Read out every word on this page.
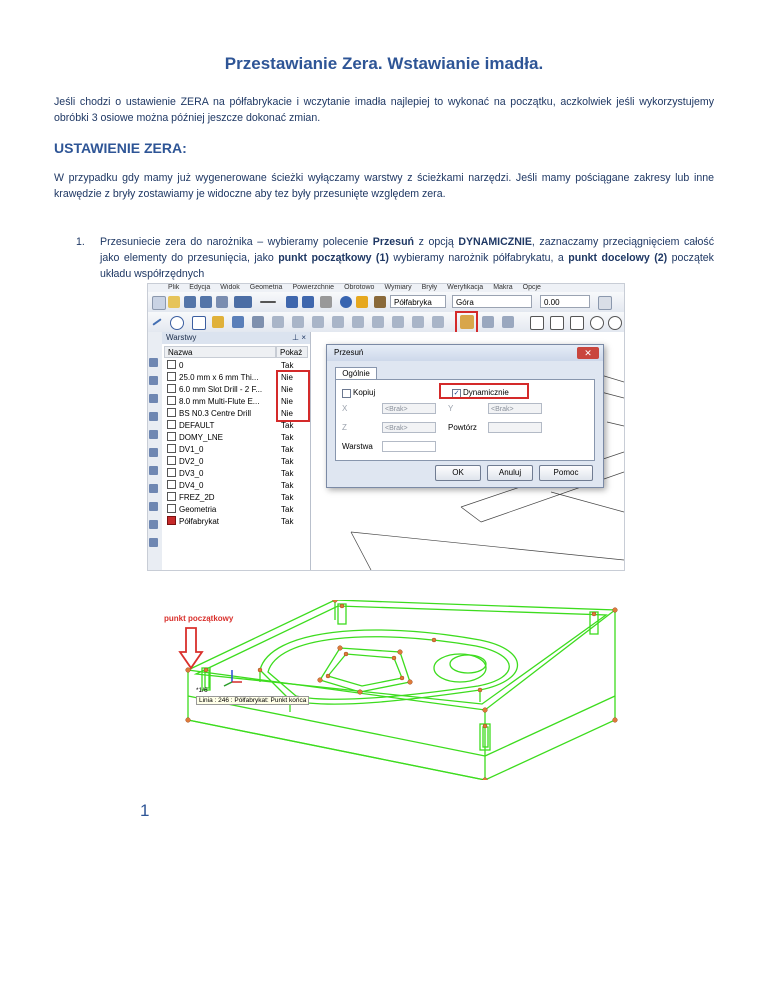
Przestawianie Zera. Wstawianie imadła.
Jeśli chodzi o ustawienie ZERA na półfabrykacie i wczytanie imadła najlepiej to wykonać na początku, aczkolwiek jeśli wykorzystujemy obróbki 3 osiowe można później jeszcze dokonać zmian.
USTAWIENIE ZERA:
W przypadku gdy mamy już wygenerowane ścieżki wyłączamy warstwy z ścieżkami narzędzi. Jeśli mamy pościągane zakresy lub inne krawędzie z bryły zostawiamy je widoczne aby tez były przesunięte względem zera.
1. Przesuniecie zera do narożnika – wybieramy polecenie Przesuń z opcją DYNAMICZNIE, zaznaczamy przeciągnięciem całość jako elementy do przesunięcia, jako punkt początkowy (1) wybieramy narożnik półfabrykatu, a punkt docelowy (2) początek układu współrzędnych
Plik Edycja Widok Geometria Powierzchnie Obrotowo Wymiary Bryły Weryfikacja Makra Opcje
Półfabryka	Góra	0.00
Warstwy	⊥ ×
Nazwa	Pokaż
0	Tak
25.0 mm x 6 mm Thi...	Nie
6.0 mm Slot Drill - 2 F... Nie
8.0 mm Multi-Flute E...	Nie
BS N0.3 Centre Drill	Nie
DEFAULT	Tak
DOMY_LNE	Tak
DV1_0	Tak
DV2_0	Tak
DV3_0	Tak
DV4_0	Tak
FREZ_2D	Tak
Geometria	Tak
Półfabrykat	Tak
Przesuń	✕
Ogólnie
Kopiuj	✓ Dynamicznie
X	<Brak>	Y	<Brak>
Z	<Brak>	Powtórz
Warstwa
OK	Anuluj	Pomoc
punkt początkowy
*1/6
Linia : 246 : Półfabrykat: Punkt końca
1
